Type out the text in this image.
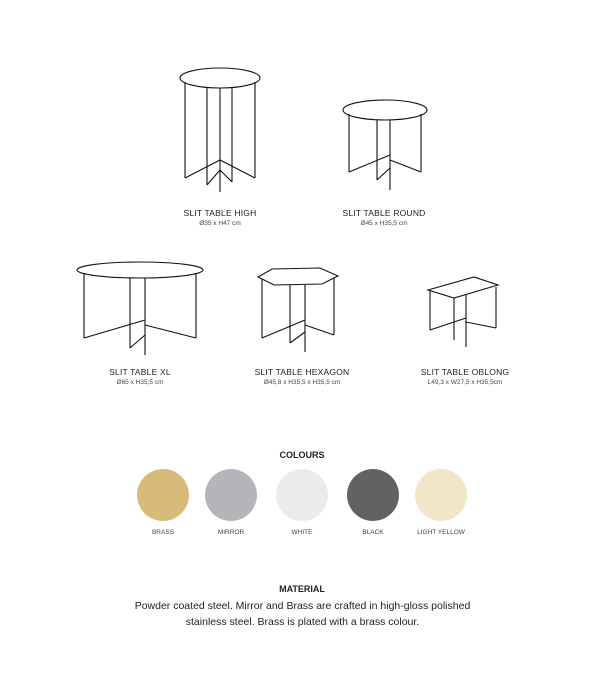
SLIT TABLE HIGH
Ø35 x H47 cm
SLIT TABLE ROUND
Ø45 x H35,5 cm
SLIT TABLE XL
Ø65 x H35,5 cm
SLIT TABLE HEXAGON
Ø45,8 x H35,5 x H35,5 cm
SLIT TABLE OBLONG
L49,3 x W27,5 x H35,5cm
COLOURS
BRASS	MIRROR	WHITE	BLACK	LIGHT YELLOW
MATERIAL
Powder coated steel. Mirror and Brass are crafted in high-gloss polished
stainless steel. Brass is plated with a brass colour.
